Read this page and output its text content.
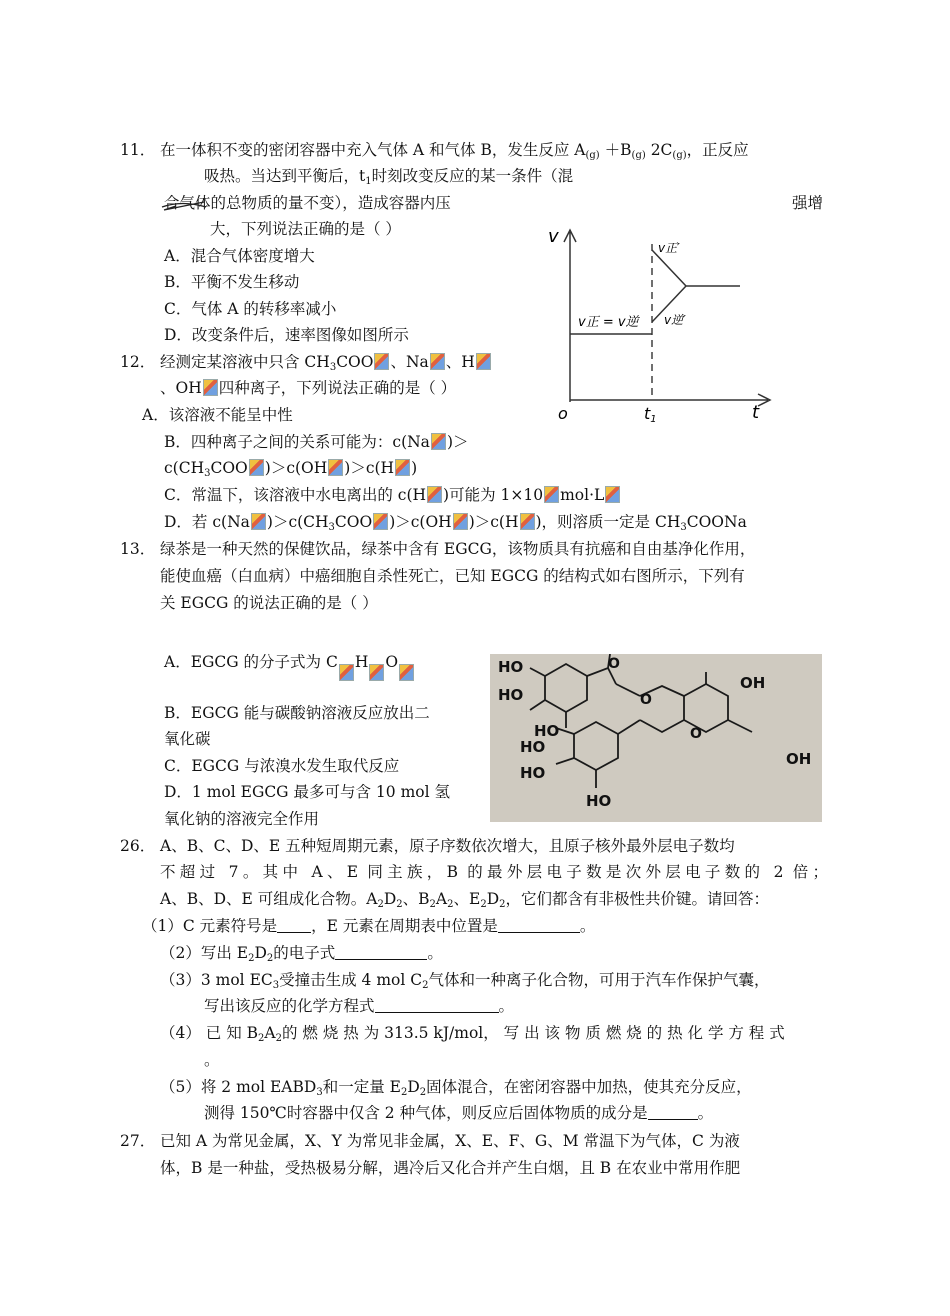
11． 在一体积不变的密闭容器中充入气体 A 和气体 B，发生反应 $A_{(g)} +B_{(g)}$ $2C_{(g)}$，正反应
吸热。当达到平衡后，$t_1$时刻改变反应的某一条件（混
合气体的总物质的量不变），造成容器内压	强增
大，下列说法正确的是（ ）
A．混合气体密度增大
B．平衡不发生移动
C．气体 A 的转移率减小
D．改变条件后，速率图像如图所示
v
o	t1	t
v正 = v逆
v正′
v逆′
12． 经测定某溶液中只含 $CH_3COO$ 、Na 、H
、OH 四种离子，下列说法正确的是（ ）
A．该溶液不能呈中性
B．四种离子之间的关系可能为：c(Na )＞
$c(CH_3COO$ )＞c(OH )＞c(H )
C．常温下，该溶液中水电离出的 c(H )可能为 1×10 mol·L
D．若 c(Na )$>c(CH_3COO$ )＞c(OH )＞c(H )，则溶质一定是 $CH_3COONa$
13． 绿茶是一种天然的保健饮品，绿茶中含有 EGCG，该物质具有抗癌和自由基净化作用，
能使血癌（白血病）中癌细胞自杀性死亡，已知 EGCG 的结构式如右图所示，下列有
关 EGCG 的说法正确的是（ ）
A．EGCG 的分子式为 C H O
B．EGCG 能与碳酸钠溶液反应放出二
氧化碳
C．EGCG 与浓溴水发生取代反应
D．1 mol EGCG 最多可与含 10 mol 氢
氧化钠的溶液完全作用
HO
HO
HO
O
O
OH
O
OH
HO
HO
HO
26． A、B、C、D、E 五种短周期元素，原子序数依次增大，且原子核外最外层电子数均
不超过 7。其中 A、E 同主族，B 的最外层电子数是次外层电子数的 2 倍；
A、B、D、E 可组成化合物。$A_2D_2$、$B_2A_2$、$E_2D_2$，它们都含有非极性共价键。请回答：
（1）C 元素符号是 ，E 元素在周期表中位置是	。
（2）写出 $E_2D_2$的电子式	。
（3）3 mol $EC_3$受撞击生成 4 mol $C_2$气体和一种离子化合物，可用于汽车作保护气囊，
写出该反应的化学方程式	。
（4） 已 知 $B_2A_2$的 燃 烧 热 为 313.5 kJ/mol， 写 出 该 物 质 燃 烧 的 热 化 学 方 程 式
。
（5）将 2 mol $EABD_3$和一定量 $E_2D_2$固体混合，在密闭容器中加热，使其充分反应，
测得 150℃时容器中仅含 2 种气体，则反应后固体物质的成分是	。
27． 已知 A 为常见金属，X、Y 为常见非金属，X、E、F、G、M 常温下为气体，C 为液
体，B 是一种盐，受热极易分解，遇冷后又化合并产生白烟，且 B 在农业中常用作肥
